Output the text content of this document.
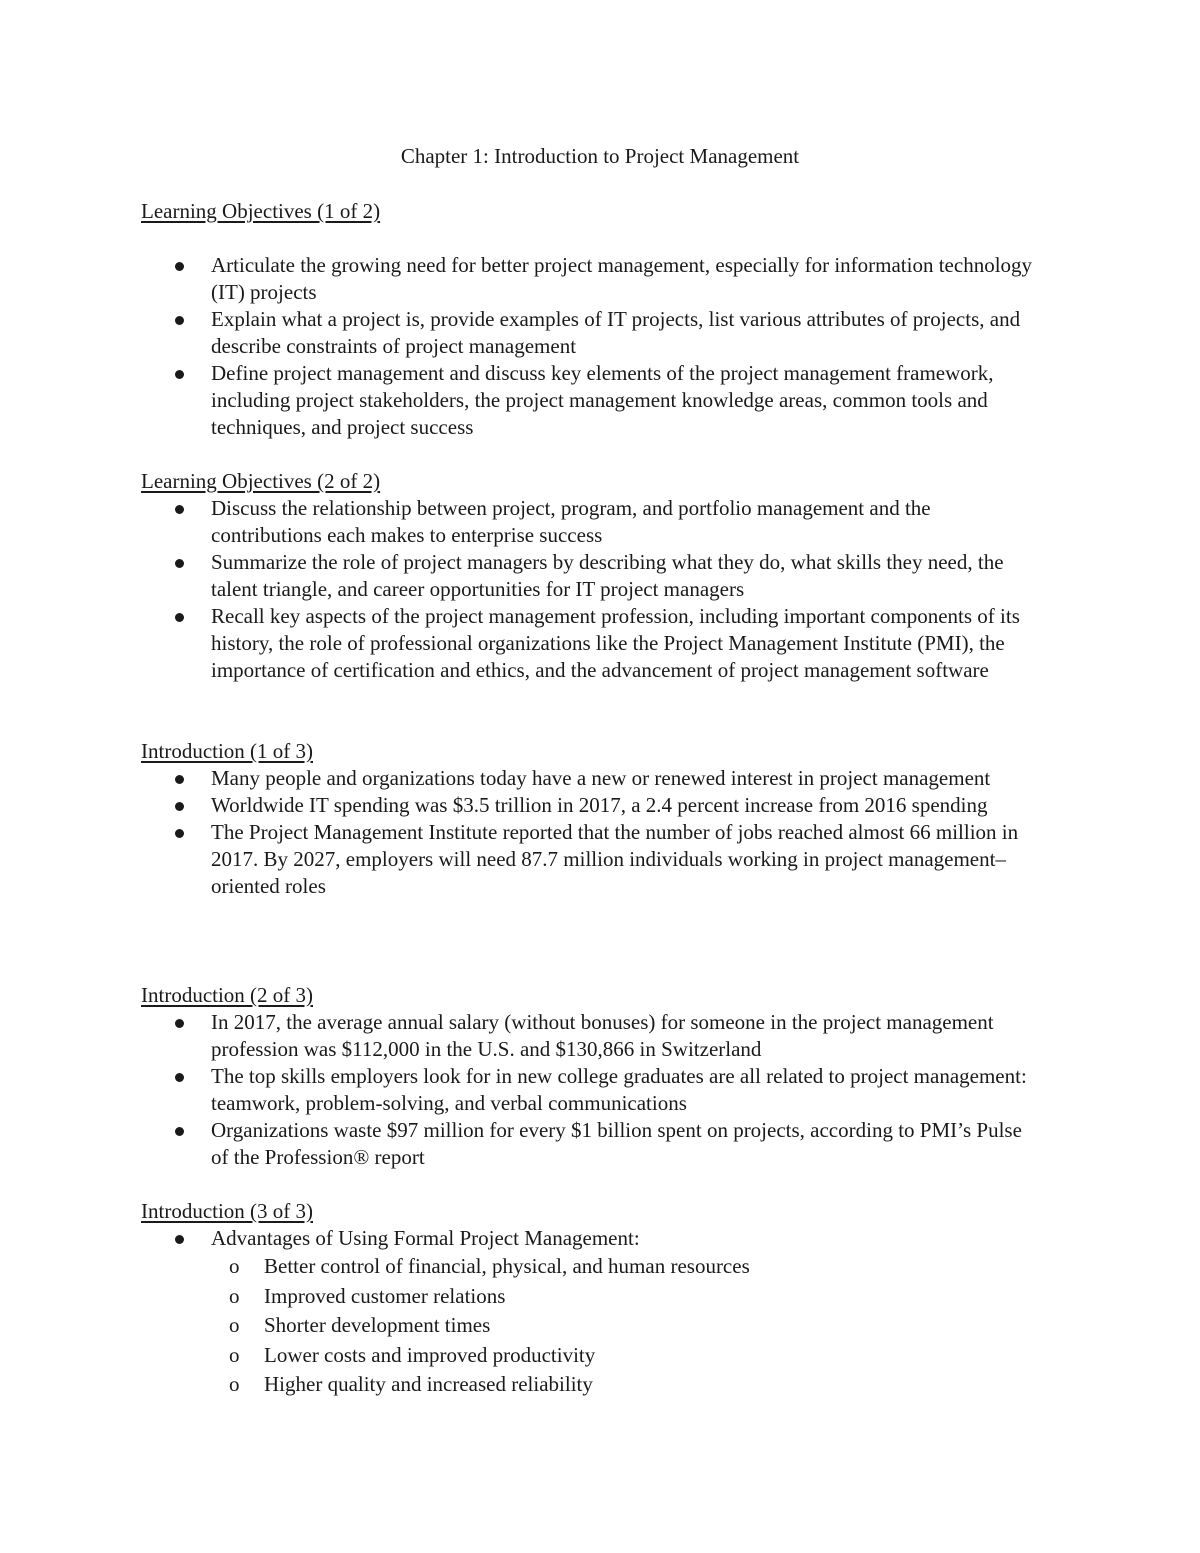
Chapter 1: Introduction to Project Management

Learning Objectives (1 of 2)

Articulate the growing need for better project management, especially for information technology (IT) projects
Explain what a project is, provide examples of IT projects, list various attributes of projects, and describe constraints of project management
Define project management and discuss key elements of the project management framework, including project stakeholders, the project management knowledge areas, common tools and techniques, and project success

Learning Objectives (2 of 2)

Discuss the relationship between project, program, and portfolio management and the contributions each makes to enterprise success
Summarize the role of project managers by describing what they do, what skills they need, the talent triangle, and career opportunities for IT project managers
Recall key aspects of the project management profession, including important components of its history, the role of professional organizations like the Project Management Institute (PMI), the importance of certification and ethics, and the advancement of project management software

Introduction (1 of 3)

Many people and organizations today have a new or renewed interest in project management
Worldwide IT spending was $3.5 trillion in 2017, a 2.4 percent increase from 2016 spending
The Project Management Institute reported that the number of jobs reached almost 66 million in 2017. By 2027, employers will need 87.7 million individuals working in project management–oriented roles

Introduction (2 of 3)

In 2017, the average annual salary (without bonuses) for someone in the project management profession was $112,000 in the U.S. and $130,866 in Switzerland
The top skills employers look for in new college graduates are all related to project management: teamwork, problem-solving, and verbal communications
Organizations waste $97 million for every $1 billion spent on projects, according to PMI’s Pulse of the Profession® report

Introduction (3 of 3)

Advantages of Using Formal Project Management:
o Better control of financial, physical, and human resources
o Improved customer relations
o Shorter development times
o Lower costs and improved productivity
o Higher quality and increased reliability
